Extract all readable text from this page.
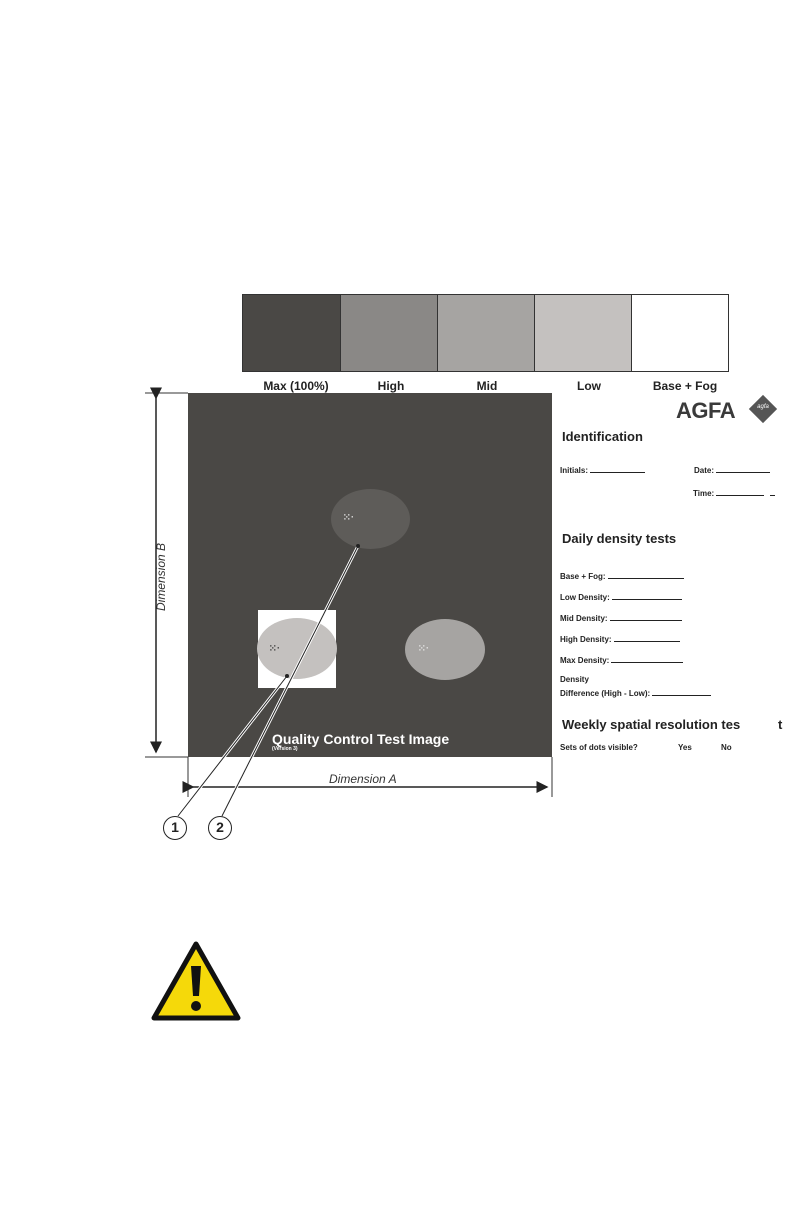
Max (100%)	High	Mid	Low	Base + Fog
⁙ ·
⁙ ·	⁙ ·
Quality Control Test Image
(Version 3)
AGFA	agfa
Identification
Initials:	Date:
Time:
Daily density tests
Base + Fog:
Low Density:
Mid Density:
High Density:
Max Density:
Density
Difference (High - Low):
Weekly spatial resolution tes	t
Sets of dots visible?	Yes	No
Dimension B
Dimension A
1	2
